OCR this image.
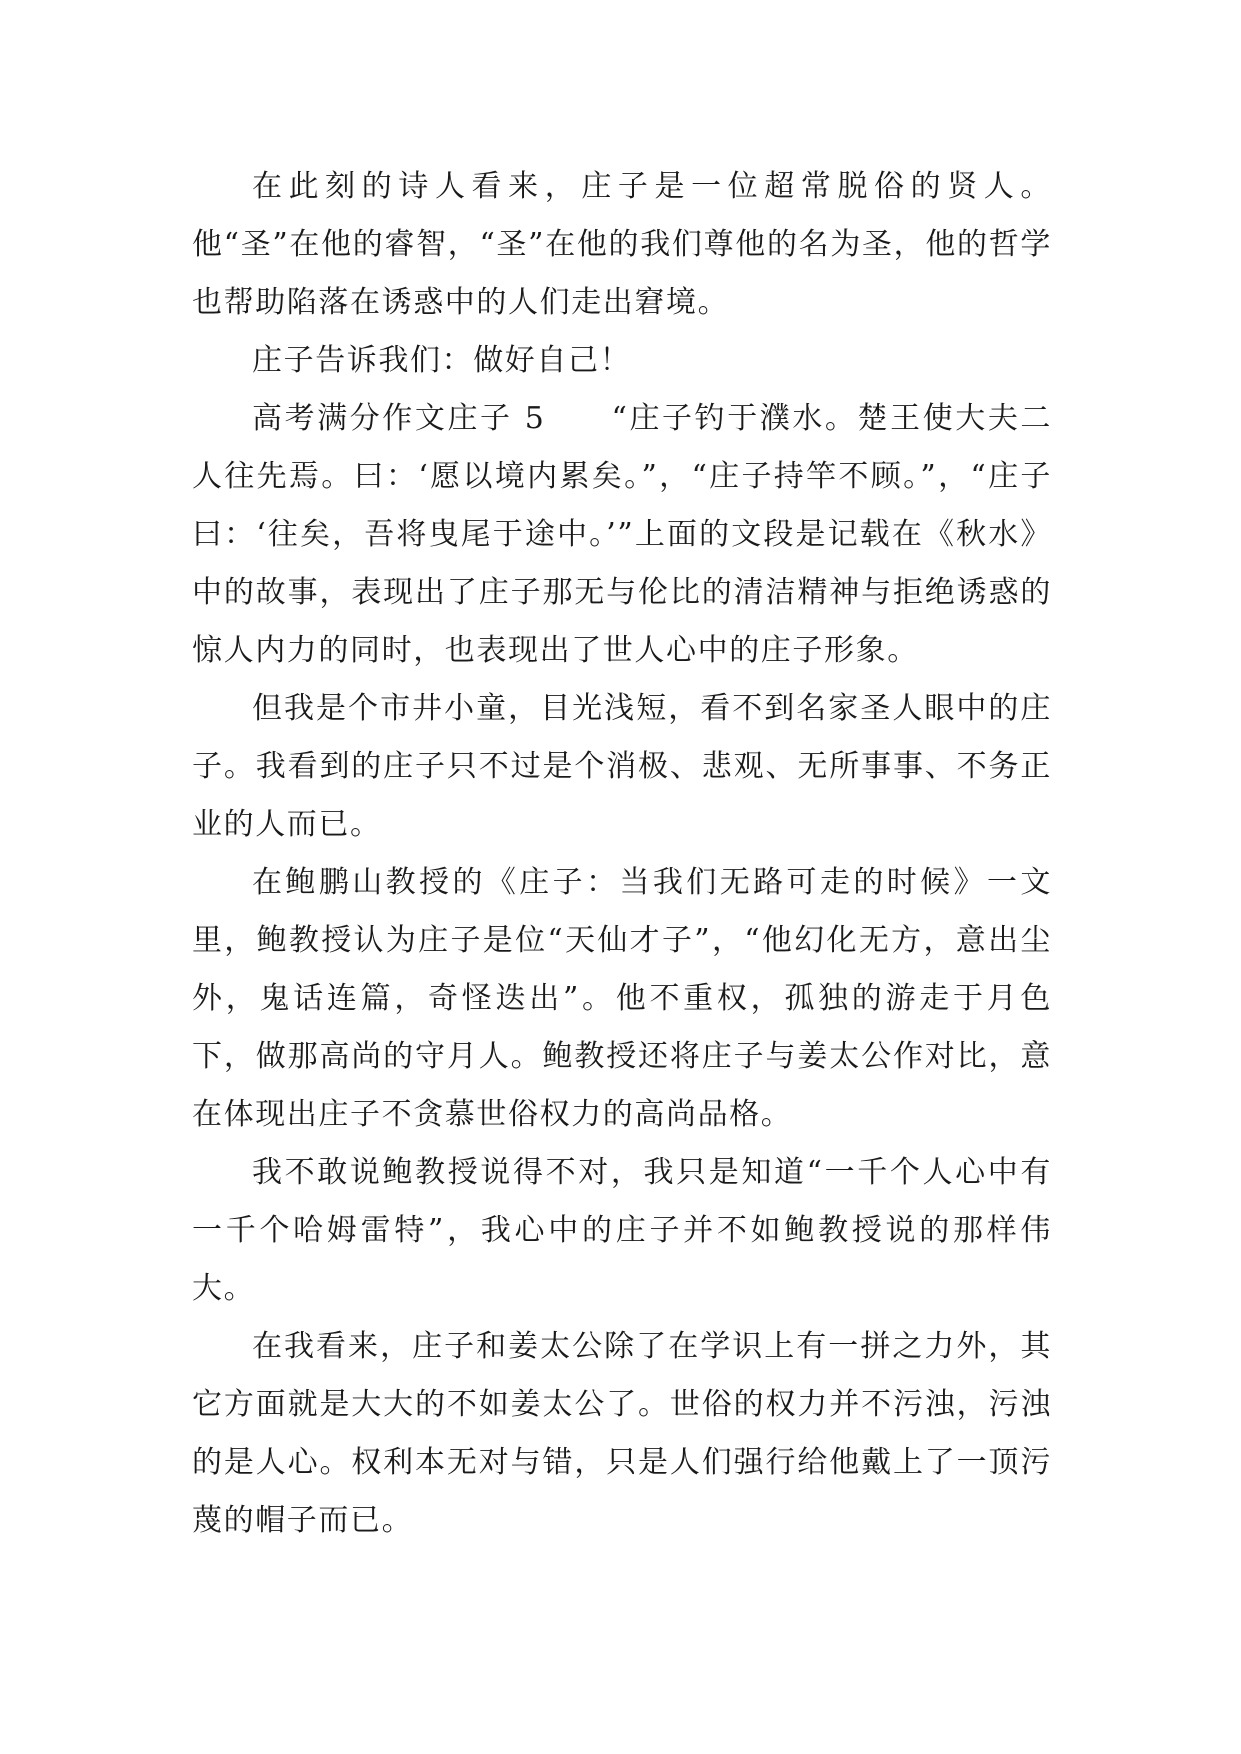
在此刻的诗人看来，庄子是一位超常脱俗的贤人。他“圣”在他的睿智，“圣”在他的我们尊他的名为圣，他的哲学也帮助陷落在诱惑中的人们走出窘境。

庄子告诉我们：做好自己！

高考满分作文庄子 5　　“庄子钓于濮水。楚王使大夫二人往先焉。曰：‘愿以境内累矣。”，“庄子持竿不顾。”，“庄子曰：‘往矣，吾将曳尾于途中。’”上面的文段是记载在《秋水》中的故事，表现出了庄子那无与伦比的清洁精神与拒绝诱惑的惊人内力的同时，也表现出了世人心中的庄子形象。

但我是个市井小童，目光浅短，看不到名家圣人眼中的庄子。我看到的庄子只不过是个消极、悲观、无所事事、不务正业的人而已。

在鲍鹏山教授的《庄子：当我们无路可走的时候》一文里，鲍教授认为庄子是位“天仙才子”，“他幻化无方，意出尘外，鬼话连篇，奇怪迭出”。他不重权，孤独的游走于月色下，做那高尚的守月人。鲍教授还将庄子与姜太公作对比，意在体现出庄子不贪慕世俗权力的高尚品格。

我不敢说鲍教授说得不对，我只是知道“一千个人心中有一千个哈姆雷特”，我心中的庄子并不如鲍教授说的那样伟大。

在我看来，庄子和姜太公除了在学识上有一拼之力外，其它方面就是大大的不如姜太公了。世俗的权力并不污浊，污浊的是人心。权利本无对与错，只是人们强行给他戴上了一顶污蔑的帽子而已。
